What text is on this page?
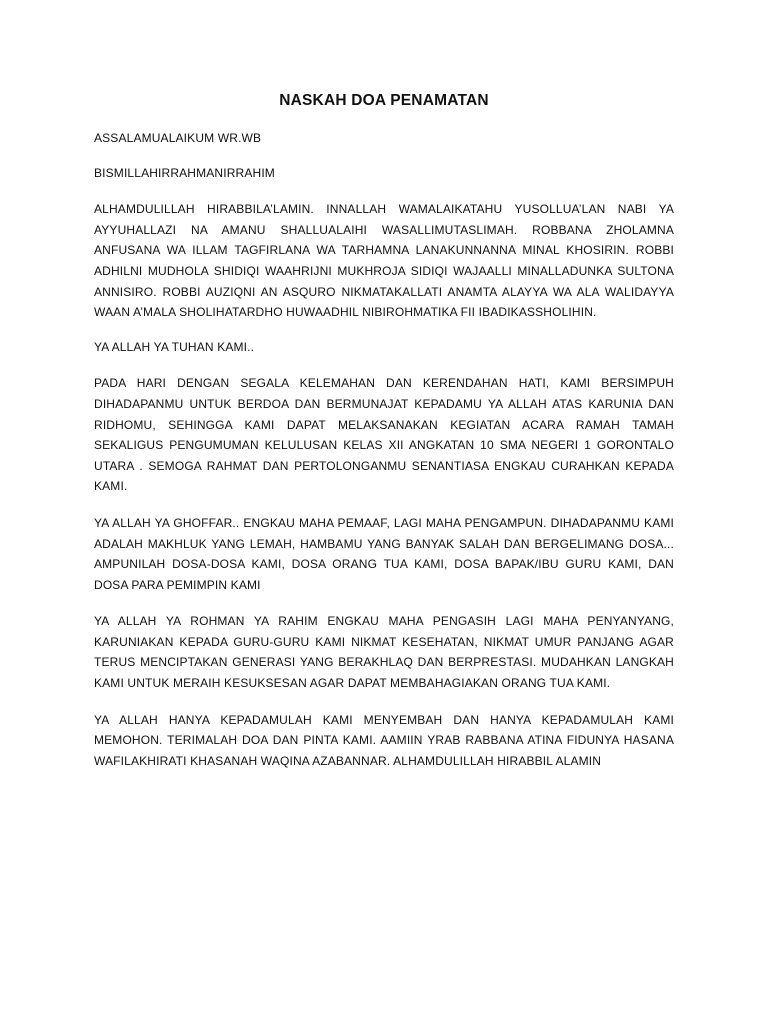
NASKAH DOA PENAMATAN

ASSALAMUALAIKUM WR.WB

BISMILLAHIRRAHMANIRRAHIM

ALHAMDULILLAH HIRABBILA’LAMIN. INNALLAH WAMALAIKATAHU YUSOLLUA’LAN NABI YA AYYUHALLAZI NA AMANU SHALLUALAIHI WASALLIMUTASLIMAH. ROBBANA ZHOLAMNA ANFUSANA WA ILLAM TAGFIRLANA WA TARHAMNA LANAKUNNANNA MINAL KHOSIRIN. ROBBI ADHILNI MUDHOLA SHIDIQI WAAHRIJNI MUKHROJA SIDIQI WAJAALLI MINALLADUNKA SULTONA ANNISIRO. ROBBI AUZIQNI AN ASQURO NIKMATAKALLATI ANAMTA ALAYYA WA ALA WALIDAYYA WAAN A’MALA SHOLIHATARDHO HUWAADHIL NIBIROHMATIKA FII IBADIKASSHOLIHIN.

YA ALLAH YA TUHAN KAMI..

PADA HARI DENGAN SEGALA KELEMAHAN DAN KERENDAHAN HATI, KAMI BERSIMPUH DIHADAPANMU UNTUK BERDOA DAN BERMUNAJAT KEPADAMU YA ALLAH ATAS KARUNIA DAN RIDHOMU, SEHINGGA KAMI DAPAT MELAKSANAKAN KEGIATAN ACARA RAMAH TAMAH SEKALIGUS PENGUMUMAN KELULUSAN KELAS XII ANGKATAN 10 SMA NEGERI 1 GORONTALO UTARA . SEMOGA RAHMAT DAN PERTOLONGANMU SENANTIASA ENGKAU CURAHKAN KEPADA KAMI.

YA ALLAH YA GHOFFAR.. ENGKAU MAHA PEMAAF, LAGI MAHA PENGAMPUN. DIHADAPANMU KAMI ADALAH MAKHLUK YANG LEMAH, HAMBAMU YANG BANYAK SALAH DAN BERGELIMANG DOSA... AMPUNILAH DOSA-DOSA KAMI, DOSA ORANG TUA KAMI, DOSA BAPAK/IBU GURU KAMI, DAN DOSA PARA PEMIMPIN KAMI

YA ALLAH YA ROHMAN YA RAHIM ENGKAU MAHA PENGASIH LAGI MAHA PENYANYANG, KARUNIAKAN KEPADA GURU-GURU KAMI NIKMAT KESEHATAN, NIKMAT UMUR PANJANG AGAR TERUS MENCIPTAKAN GENERASI YANG BERAKHLAQ DAN BERPRESTASI. MUDAHKAN LANGKAH KAMI UNTUK MERAIH KESUKSESAN AGAR DAPAT MEMBAHAGIAKAN ORANG TUA KAMI.

YA ALLAH HANYA KEPADAMULAH KAMI MENYEMBAH DAN HANYA KEPADAMULAH KAMI MEMOHON. TERIMALAH DOA DAN PINTA KAMI. AAMIIN YRAB RABBANA ATINA FIDUNYA HASANA WAFILAKHIRATI KHASANAH WAQINA AZABANNAR. ALHAMDULILLAH HIRABBIL ALAMIN
